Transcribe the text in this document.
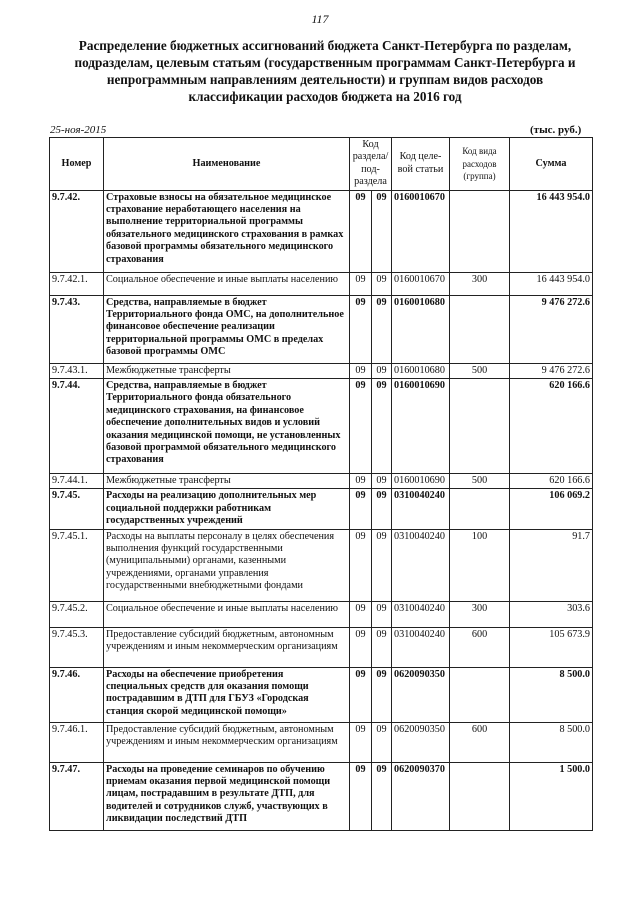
117
Распределение бюджетных ассигнований бюджета Санкт-Петербурга по разделам, подразделам, целевым статьям (государственным программам Санкт-Петербурга и непрограммным направлениям деятельности) и группам видов расходов классификации расходов бюджета на 2016 год
25-ноя-2015	(тыс. руб.)
Номер	Наименование	Код раздела/ под- раздела		Код целе- вой статьи	Код вида расходов (группа)	Сумма
9.7.42.	Страховые взносы на обязательное медицинское страхование неработающего населения на выполнение территориальной программы обязательного медицинского страхования в рамках базовой программы обязательного медицинского страхования	09	09	0160010670		16 443 954.0
9.7.42.1.	Социальное обеспечение и иные выплаты населению	09	09	0160010670	300	16 443 954.0
9.7.43.	Средства, направляемые в бюджет Территориального фонда ОМС, на дополнительное финансовое обеспечение реализации территориальной программы ОМС в пределах базовой программы ОМС	09	09	0160010680		9 476 272.6
9.7.43.1.	Межбюджетные трансферты	09	09	0160010680	500	9 476 272.6
9.7.44.	Средства, направляемые в бюджет Территориального фонда обязательного медицинского страхования, на финансовое обеспечение дополнительных видов и условий оказания медицинской помощи, не установленных базовой программой обязательного медицинского страхования	09	09	0160010690		620 166.6
9.7.44.1.	Межбюджетные трансферты	09	09	0160010690	500	620 166.6
9.7.45.	Расходы на реализацию дополнительных мер социальной поддержки работникам государственных учреждений	09	09	0310040240		106 069.2
9.7.45.1.	Расходы на выплаты персоналу в целях обеспечения выполнения функций государственными (муниципальными) органами, казенными учреждениями, органами управления государственными внебюджетными фондами	09	09	0310040240	100	91.7
9.7.45.2.	Социальное обеспечение и иные выплаты населению	09	09	0310040240	300	303.6
9.7.45.3.	Предоставление субсидий бюджетным, автономным учреждениям и иным некоммерческим организациям	09	09	0310040240	600	105 673.9
9.7.46.	Расходы на обеспечение приобретения специальных средств для оказания помощи пострадавшим в ДТП для ГБУЗ «Городская станция скорой медицинской помощи»	09	09	0620090350		8 500.0
9.7.46.1.	Предоставление субсидий бюджетным, автономным учреждениям и иным некоммерческим организациям	09	09	0620090350	600	8 500.0
9.7.47.	Расходы на проведение семинаров по обучению приемам оказания первой медицинской помощи лицам, пострадавшим в результате ДТП, для водителей и сотрудников служб, участвующих в ликвидации последствий ДТП	09	09	0620090370		1 500.0
